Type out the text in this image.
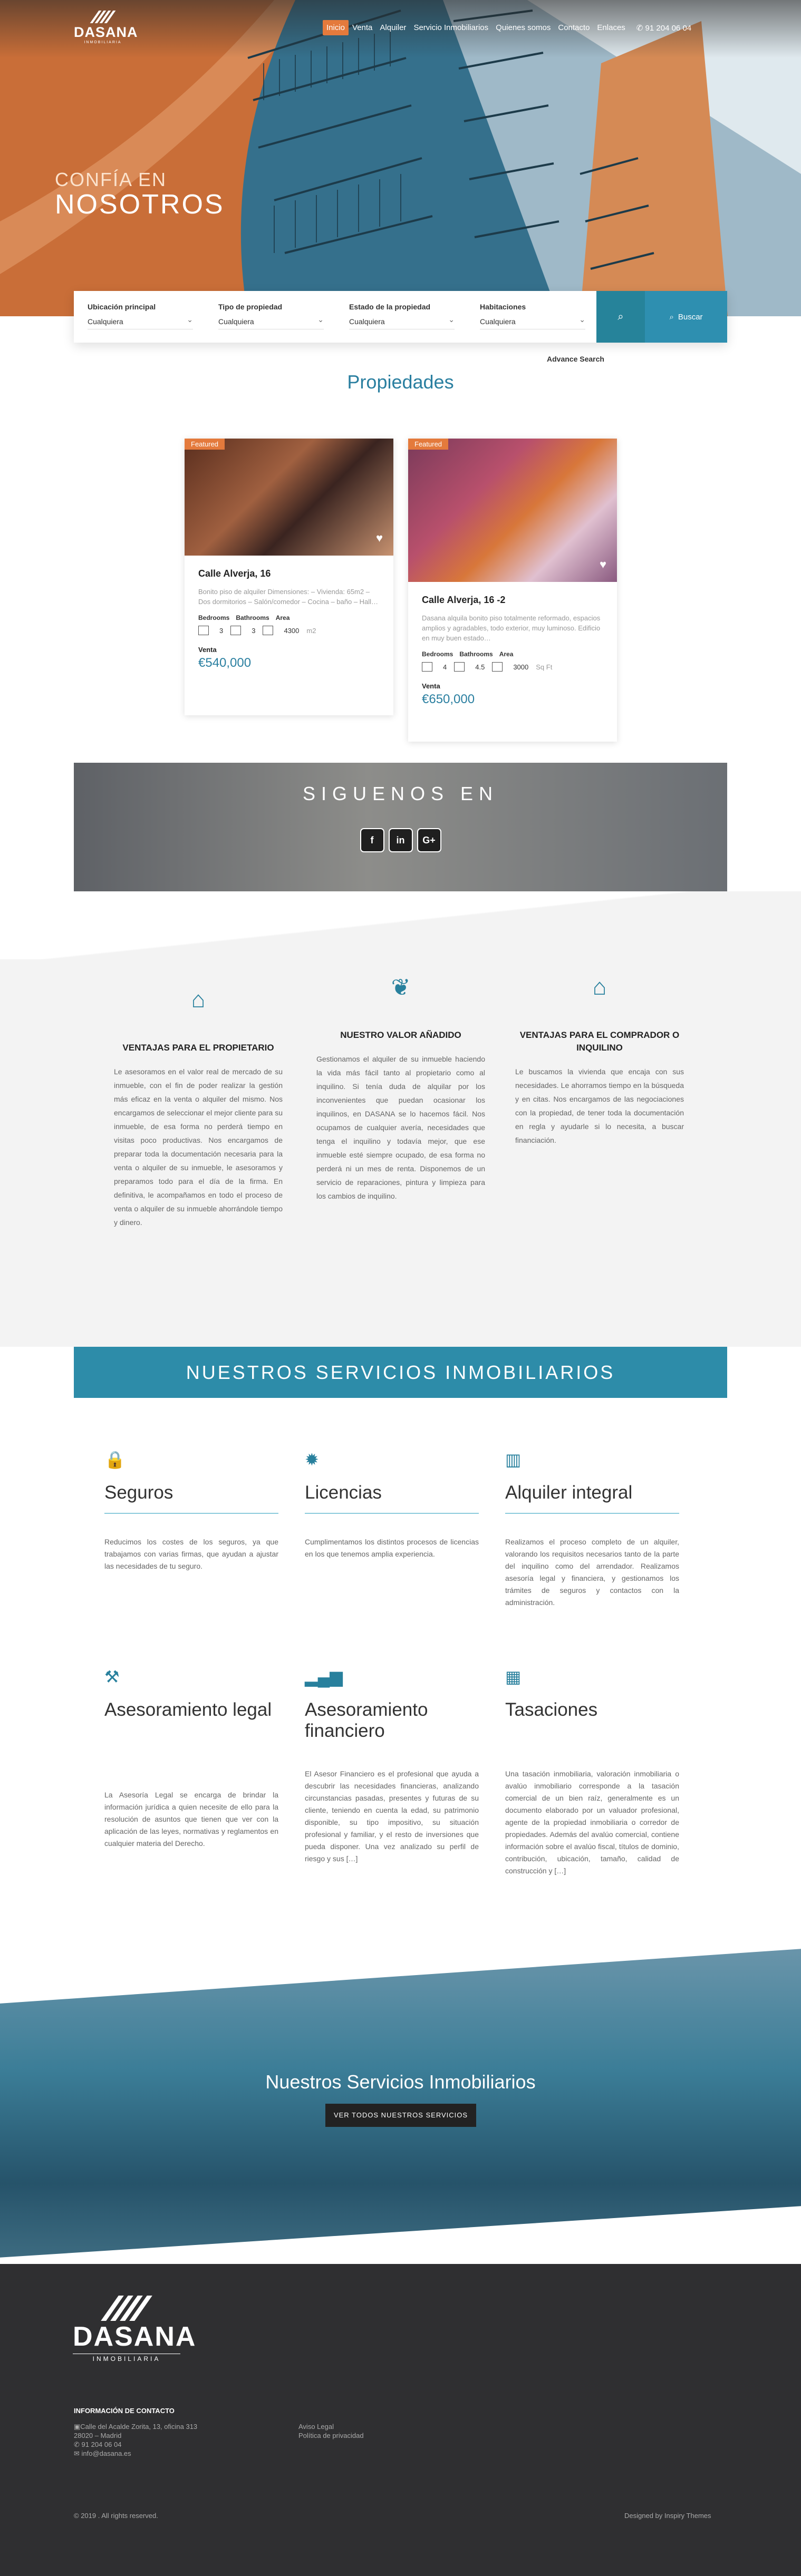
DASANA
INMOBILIARIA
Inicio Venta Alquiler Servicio Inmobiliarios Quienes somos Contacto Enlaces	✆ 91 204 06 04
CONFÍA EN
NOSOTROS
Ubicación principal
Cualquiera ⌄
Tipo de propiedad
Cualquiera ⌄
Estado de la propiedad
Cualquiera ⌄
Habitaciones
Cualquiera ⌄	⌕	⌕ Buscar
Advance Search
Propiedades
Featured
♥
Calle Alverja, 16

Bonito piso de alquiler Dimensiones: – Vivienda: 65m2 – Dos dormitorios – Salón/comedor – Cocina – baño – Hall…

Bedrooms Bathrooms Area
3	3	4300 m2
Venta
€540,000
Featured
♥
Calle Alverja, 16 -2

Dasana alquila bonito piso totalmente reformado, espacios amplios y agradables, todo exterior, muy luminoso. Edificio en muy buen estado…

Bedrooms Bathrooms Area
4	4.5	3000 Sq Ft
Venta
€650,000
SIGUENOS EN
f	in	G+
⌂
VENTAJAS PARA EL PROPIETARIO

Le asesoramos en el valor real de mercado de su inmueble, con el fin de poder realizar la gestión más eficaz en la venta o alquiler del mismo. Nos encargamos de seleccionar el mejor cliente para su inmueble, de esa forma no perderá tiempo en visitas poco productivas. Nos encargamos de preparar toda la documentación necesaria para la venta o alquiler de su inmueble, le asesoramos y preparamos todo para el día de la firma. En definitiva, le acompañamos en todo el proceso de venta o alquiler de su inmueble ahorrándole tiempo y dinero.

❦
NUESTRO VALOR AÑADIDO

Gestionamos el alquiler de su inmueble haciendo la vida más fácil tanto al propietario como al inquilino. Si tenía duda de alquilar por los inconvenientes que puedan ocasionar los inquilinos, en DASANA se lo hacemos fácil. Nos ocupamos de cualquier avería, necesidades que tenga el inquilino y todavía mejor, que ese inmueble esté siempre ocupado, de esa forma no perderá ni un mes de renta. Disponemos de un servicio de reparaciones, pintura y limpieza para los cambios de inquilino.

⌂
VENTAJAS PARA EL COMPRADOR O INQUILINO

Le buscamos la vivienda que encaja con sus necesidades. Le ahorramos tiempo en la búsqueda y en citas. Nos encargamos de las negociaciones con la propiedad, de tener toda la documentación en regla y ayudarle si lo necesita, a buscar financiación.

NUESTROS SERVICIOS INMOBILIARIOS
🔒
Seguros

Reducimos los costes de los seguros, ya que trabajamos con varias firmas, que ayudan a ajustar las necesidades de tu seguro.

✹
Licencias

Cumplimentamos los distintos procesos de licencias en los que tenemos amplia experiencia.

▥
Alquiler integral

Realizamos el proceso completo de un alquiler, valorando los requisitos necesarios tanto de la parte del inquilino como del arrendador. Realizamos asesoría legal y financiera, y gestionamos los trámites de seguros y contactos con la administración.

⚒
Asesoramiento legal

La Asesoría Legal se encarga de brindar la información jurídica a quien necesite de ello para la resolución de asuntos que tienen que ver con la aplicación de las leyes, normativas y reglamentos en cualquier materia del Derecho.

▂▄▆
Asesoramiento financiero

El Asesor Financiero es el profesional que ayuda a descubrir las necesidades financieras, analizando circunstancias pasadas, presentes y futuras de su cliente, teniendo en cuenta la edad, su patrimonio disponible, su tipo impositivo, su situación profesional y familiar, y el resto de inversiones que pueda disponer. Una vez analizado su perfil de riesgo y sus […]

▦
Tasaciones

Una tasación inmobiliaria, valoración inmobiliaria o avalúo inmobiliario corresponde a la tasación comercial de un bien raíz, generalmente es un documento elaborado por un valuador profesional, agente de la propiedad inmobiliaria o corredor de propiedades. Además del avalúo comercial, contiene información sobre el avalúo fiscal, títulos de dominio, contribución, ubicación, tamaño, calidad de construcción y […]

Nuestros Servicios Inmobiliarios
VER TODOS NUESTROS SERVICIOS
DASANA
INMOBILIARIA
INFORMACIÓN DE CONTACTO
▣Calle del Acalde Zorita, 13, oficina 313
28020 – Madrid
✆ 91 204 06 04
✉ info@dasana.es
Aviso Legal
Política de privacidad
© 2019 . All rights reserved.	Designed by Inspiry Themes
